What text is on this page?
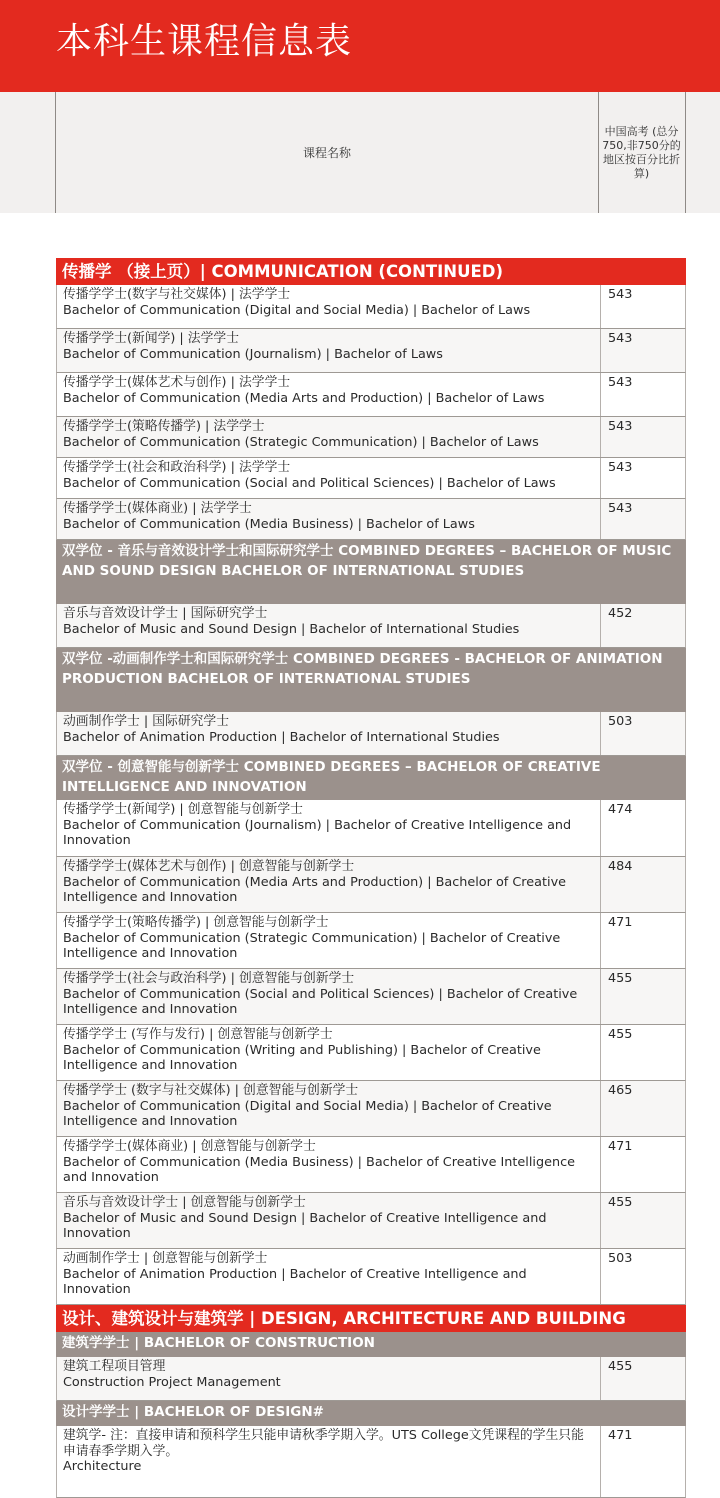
本科生课程信息表
课程名称
中国高考 (总分750,非750分的地区按百分比折算)
传播学 （接上页）| COMMUNICATION (CONTINUED)
传播学学士(数字与社交媒体) | 法学学士
Bachelor of Communication (Digital and Social Media) | Bachelor of Laws
543
传播学学士(新闻学) | 法学学士
Bachelor of Communication (Journalism) | Bachelor of Laws
543
传播学学士(媒体艺术与创作) | 法学学士
Bachelor of Communication (Media Arts and Production) | Bachelor of Laws
543
传播学学士(策略传播学) | 法学学士
Bachelor of Communication (Strategic Communication) | Bachelor of Laws
543
传播学学士(社会和政治科学) | 法学学士
Bachelor of Communication (Social and Political Sciences) | Bachelor of Laws
543
传播学学士(媒体商业) | 法学学士
Bachelor of Communication (Media Business) | Bachelor of Laws
543
双学位 - 音乐与音效设计学士和国际研究学士 COMBINED DEGREES – BACHELOR OF MUSIC AND SOUND DESIGN BACHELOR OF INTERNATIONAL STUDIES
音乐与音效设计学士 | 国际研究学士
Bachelor of Music and Sound Design | Bachelor of International Studies
452
双学位 -动画制作学士和国际研究学士 COMBINED DEGREES - BACHELOR OF ANIMATION PRODUCTION BACHELOR OF INTERNATIONAL STUDIES
动画制作学士 | 国际研究学士
Bachelor of Animation Production | Bachelor of International Studies
503
双学位 - 创意智能与创新学士 COMBINED DEGREES – BACHELOR OF CREATIVE INTELLIGENCE AND INNOVATION
传播学学士(新闻学) | 创意智能与创新学士
Bachelor of Communication (Journalism) | Bachelor of Creative Intelligence and Innovation
474
传播学学士(媒体艺术与创作) | 创意智能与创新学士
Bachelor of Communication (Media Arts and Production) | Bachelor of Creative Intelligence and Innovation
484
传播学学士(策略传播学) | 创意智能与创新学士
Bachelor of Communication (Strategic Communication) | Bachelor of Creative Intelligence and Innovation
471
传播学学士(社会与政治科学) | 创意智能与创新学士
Bachelor of Communication (Social and Political Sciences) | Bachelor of Creative Intelligence and Innovation
455
传播学学士 (写作与发行) | 创意智能与创新学士
Bachelor of Communication (Writing and Publishing) | Bachelor of Creative Intelligence and Innovation
455
传播学学士 (数字与社交媒体) | 创意智能与创新学士
Bachelor of Communication (Digital and Social Media) | Bachelor of Creative Intelligence and Innovation
465
传播学学士(媒体商业) | 创意智能与创新学士
Bachelor of Communication (Media Business) | Bachelor of Creative Intelligence and Innovation
471
音乐与音效设计学士 | 创意智能与创新学士
Bachelor of Music and Sound Design | Bachelor of Creative Intelligence and Innovation
455
动画制作学士 | 创意智能与创新学士
Bachelor of Animation Production | Bachelor of Creative Intelligence and Innovation
503
设计、建筑设计与建筑学 | DESIGN, ARCHITECTURE AND BUILDING
建筑学学士 | BACHELOR OF CONSTRUCTION
建筑工程项目管理
Construction Project Management
455
设计学学士 | BACHELOR OF DESIGN#
建筑学- 注：直接申请和预科学生只能申请秋季学期入学。UTS College文凭课程的学生只能申请春季学期入学。
Architecture
471
